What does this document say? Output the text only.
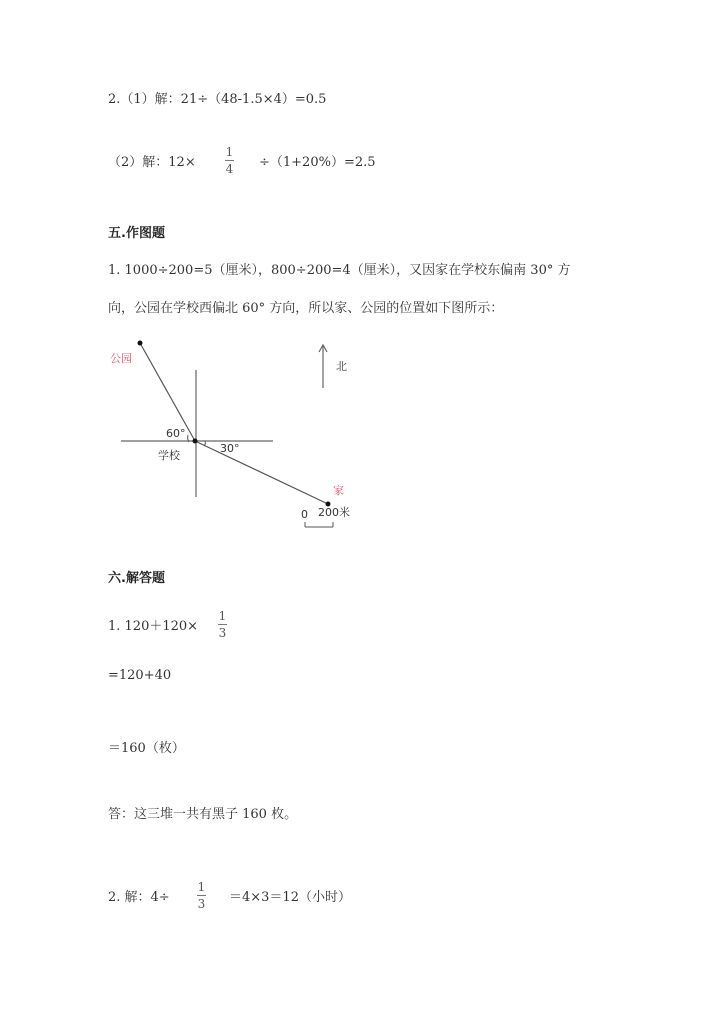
2.（1）解：21÷（48-1.5×4）=0.5
（2）解：12×
1
4 ÷（1+20%）=2.5
五.作图题
1. 1000÷200=5（厘米），800÷200=4（厘米），又因家在学校东偏南 30° 方
向，公园在学校西偏北 60° 方向，所以家、公园的位置如下图所示：
公园
60°
学校
30°
家
北
0 200米
六.解答题
1. 120＋120×
1
3
=120+40
＝160（枚）
答：这三堆一共有黑子 160 枚。
2. 解：4÷
1
3 ＝4×3＝12（小时）
